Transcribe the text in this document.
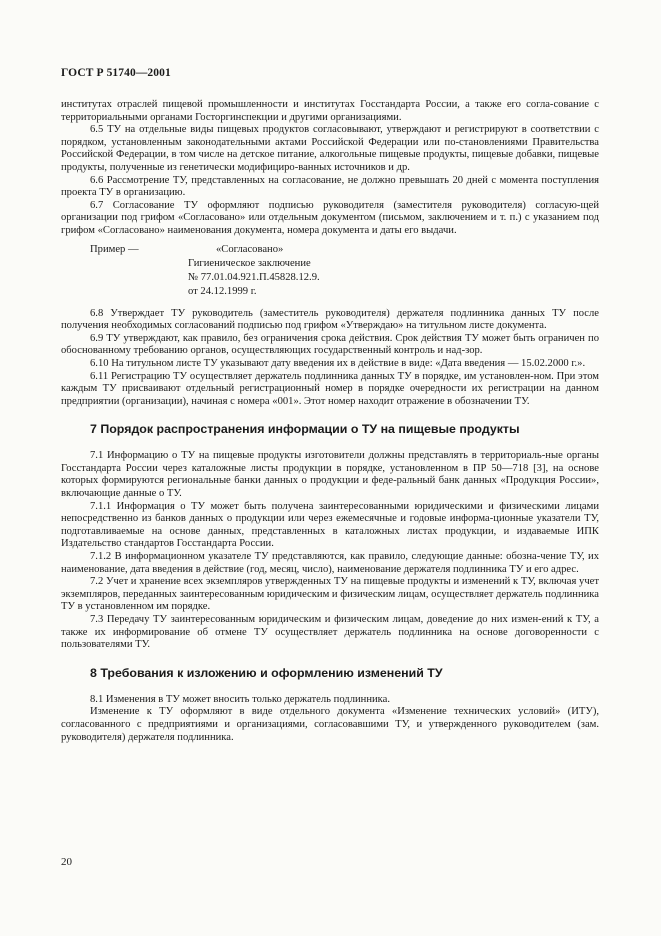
ГОСТ Р 51740—2001

институтах отраслей пищевой промышленности и институтах Госстандарта России, а также его согла-сование с территориальными органами Госторгинспекции и другими организациями.

6.5 ТУ на отдельные виды пищевых продуктов согласовывают, утверждают и регистрируют в соответствии с порядком, установленным законодательными актами Российской Федерации или по-становлениями Правительства Российской Федерации, в том числе на детское питание, алкогольные пищевые продукты, пищевые добавки, пищевые продукты, полученные из генетически модифициро-ванных источников и др.

6.6 Рассмотрение ТУ, представленных на согласование, не должно превышать 20 дней с момента поступления проекта ТУ в организацию.

6.7 Согласование ТУ оформляют подписью руководителя (заместителя руководителя) согласую-щей организации под грифом «Согласовано» или отдельным документом (письмом, заключением и т. п.) с указанием под грифом «Согласовано» наименования документа, номера документа и даты его выдачи.

Пример —	«Согласовано»
Гигиеническое заключение
№ 77.01.04.921.П.45828.12.9.
от 24.12.1999 г.

6.8 Утверждает ТУ руководитель (заместитель руководителя) держателя подлинника данных ТУ после получения необходимых согласований подписью под грифом «Утверждаю» на титульном листе документа.

6.9 ТУ утверждают, как правило, без ограничения срока действия. Срок действия ТУ может быть ограничен по обоснованному требованию органов, осуществляющих государственный контроль и над-зор.

6.10 На титульном листе ТУ указывают дату введения их в действие в виде: «Дата введения — 15.02.2000 г.».

6.11 Регистрацию ТУ осуществляет держатель подлинника данных ТУ в порядке, им установлен-ном. При этом каждым ТУ присваивают отдельный регистрационный номер в порядке очередности их регистрации на данном предприятии (организации), начиная с номера «001». Этот номер находит отражение в обозначении ТУ.

7 Порядок распространения информации о ТУ на пищевые продукты

7.1 Информацию о ТУ на пищевые продукты изготовители должны представлять в территориаль-ные органы Госстандарта России через каталожные листы продукции в порядке, установленном в ПР 50—718 [3], на основе которых формируются региональные банки данных о продукции и феде-ральный банк данных «Продукция России», включающие данные о ТУ.

7.1.1 Информация о ТУ может быть получена заинтересованными юридическими и физическими лицами непосредственно из банков данных о продукции или через ежемесячные и годовые информа-ционные указатели ТУ, подготавливаемые на основе данных, представленных в каталожных листах продукции, и издаваемые ИПК Издательство стандартов Госстандарта России.

7.1.2 В информационном указателе ТУ представляются, как правило, следующие данные: обозна-чение ТУ, их наименование, дата введения в действие (год, месяц, число), наименование держателя подлинника ТУ и его адрес.

7.2 Учет и хранение всех экземпляров утвержденных ТУ на пищевые продукты и изменений к ТУ, включая учет экземпляров, переданных заинтересованным юридическим и физическим лицам, осуществляет держатель подлинника ТУ в установленном им порядке.

7.3 Передачу ТУ заинтересованным юридическим и физическим лицам, доведение до них измен-ений к ТУ, а также их информирование об отмене ТУ осуществляет держатель подлинника на основе договоренности с пользователями ТУ.

8 Требования к изложению и оформлению изменений ТУ

8.1 Изменения в ТУ может вносить только держатель подлинника.

Изменение к ТУ оформляют в виде отдельного документа «Изменение технических условий» (ИТУ), согласованного с предприятиями и организациями, согласовавшими ТУ, и утвержденного руководителем (зам. руководителя) держателя подлинника.

20
